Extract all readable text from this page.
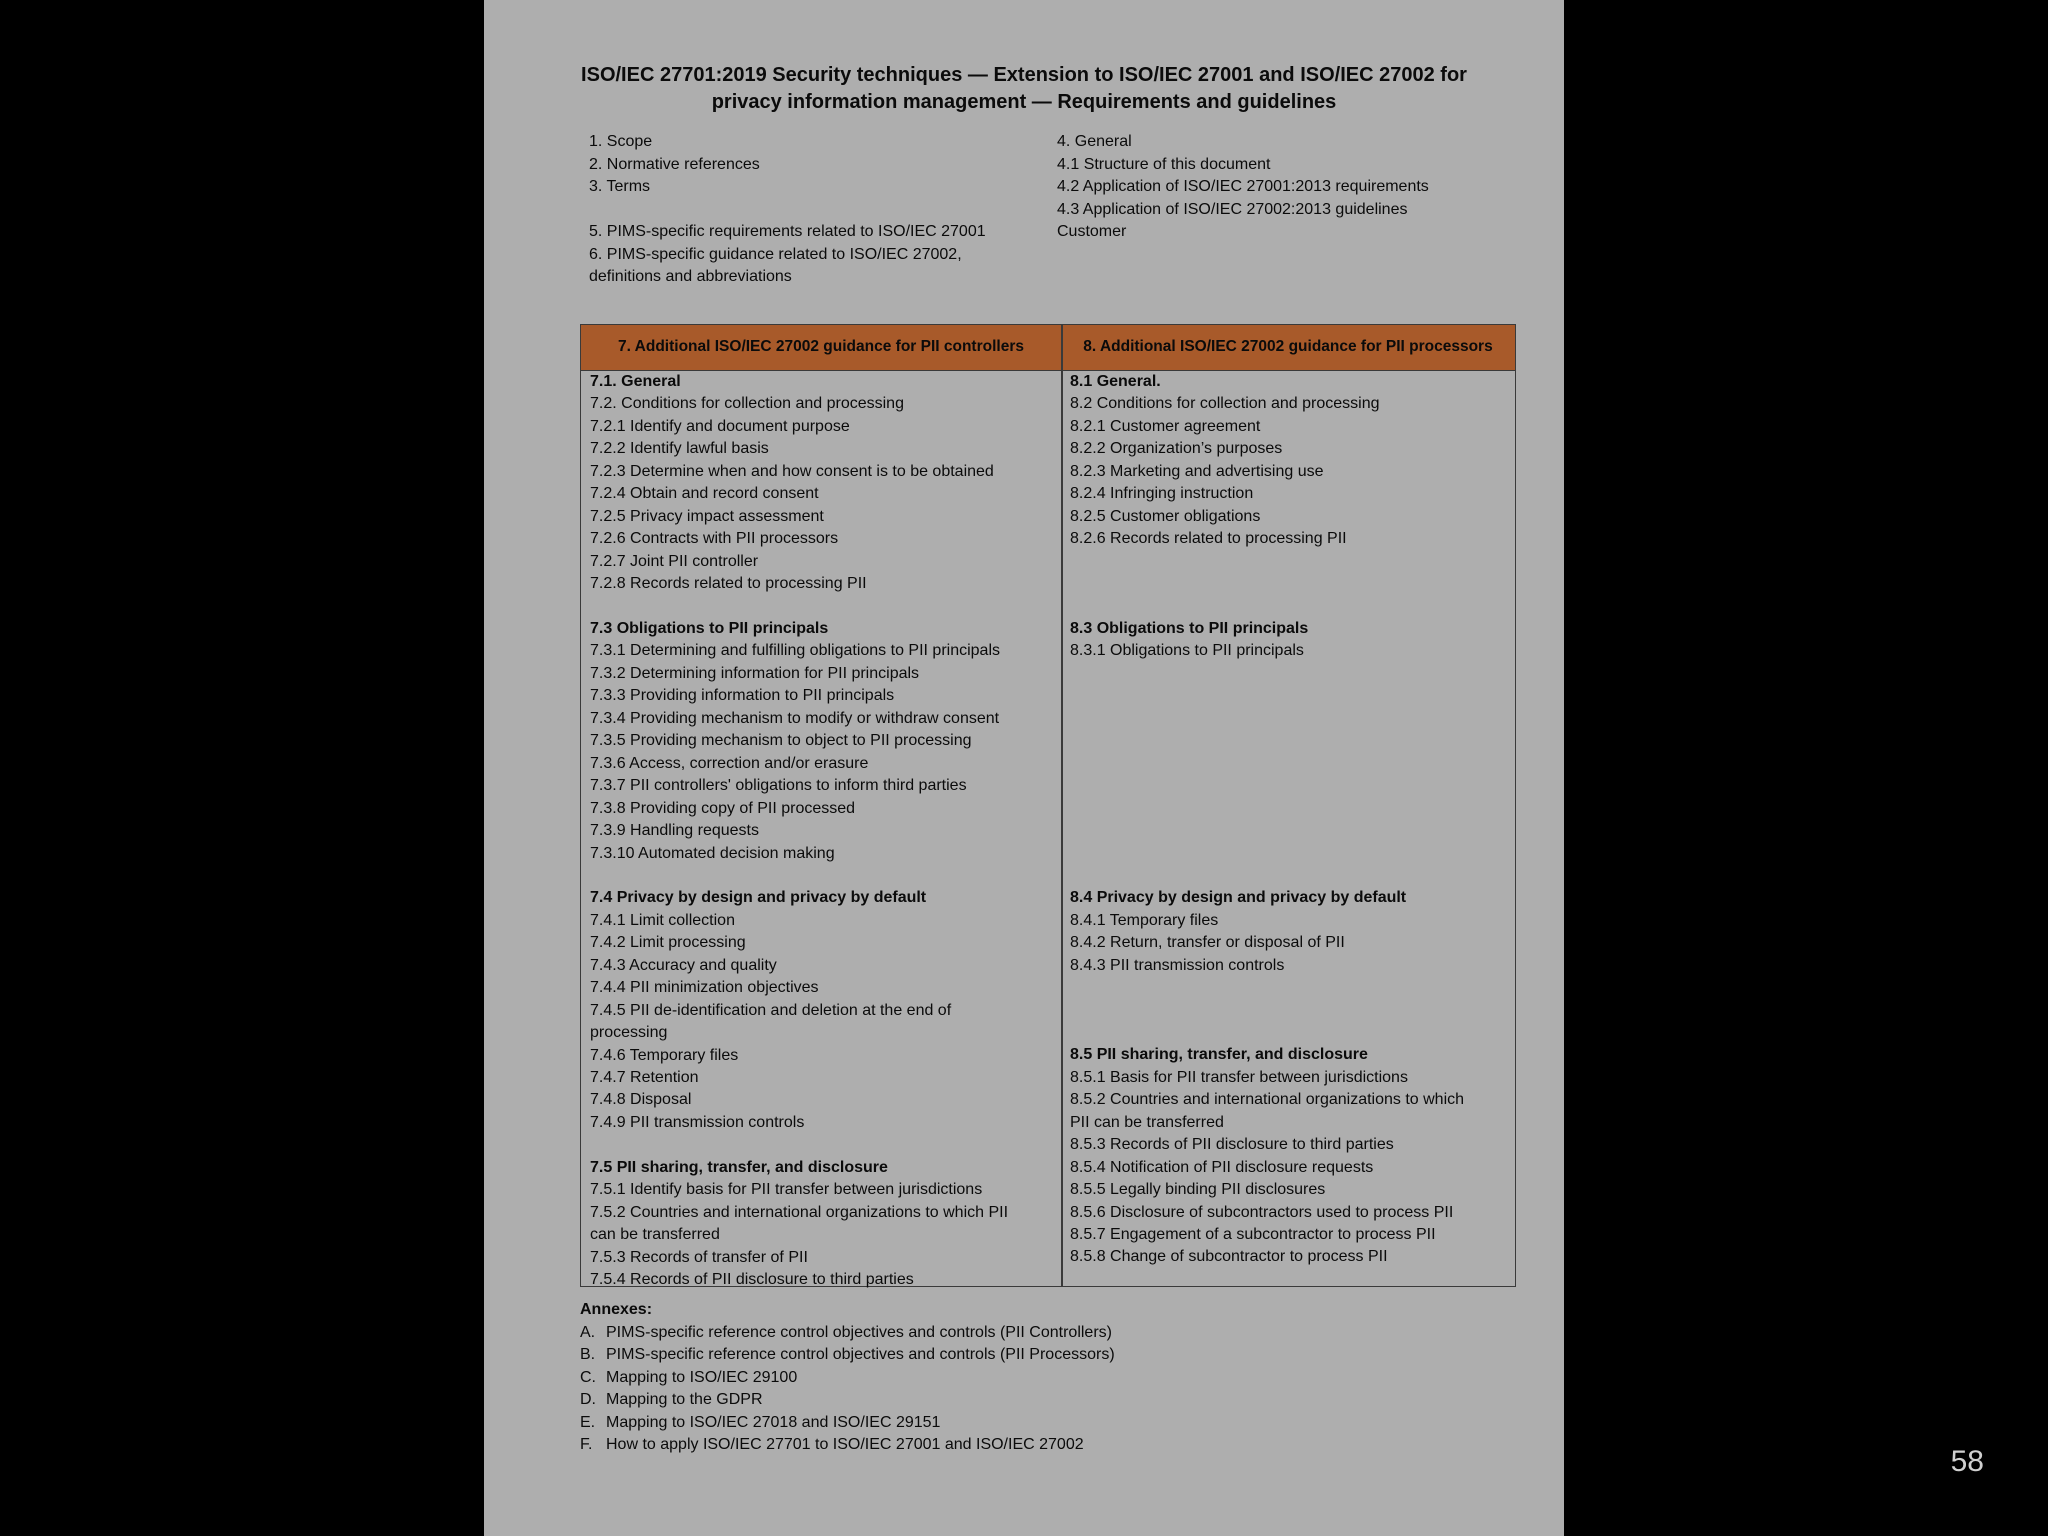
ISO/IEC 27701:2019 Security techniques — Extension to ISO/IEC 27001 and ISO/IEC 27002 for
privacy information management — Requirements and guidelines
1. Scope
2. Normative references
3. Terms
5. PIMS-specific requirements related to ISO/IEC 27001
6. PIMS-specific guidance related to ISO/IEC 27002,
definitions and abbreviations
4. General
4.1 Structure of this document
4.2 Application of ISO/IEC 27001:2013 requirements
4.3 Application of ISO/IEC 27002:2013 guidelines
Customer
7. Additional ISO/IEC 27002 guidance for PII controllers	8. Additional ISO/IEC 27002 guidance for PII processors
7.1. General
7.2. Conditions for collection and processing
7.2.1 Identify and document purpose
7.2.2 Identify lawful basis
7.2.3 Determine when and how consent is to be obtained
7.2.4 Obtain and record consent
7.2.5 Privacy impact assessment
7.2.6 Contracts with PII processors
7.2.7 Joint PII controller
7.2.8 Records related to processing PII
7.3 Obligations to PII principals
7.3.1 Determining and fulfilling obligations to PII principals
7.3.2 Determining information for PII principals
7.3.3 Providing information to PII principals
7.3.4 Providing mechanism to modify or withdraw consent
7.3.5 Providing mechanism to object to PII processing
7.3.6 Access, correction and/or erasure
7.3.7 PII controllers' obligations to inform third parties
7.3.8 Providing copy of PII processed
7.3.9 Handling requests
7.3.10 Automated decision making
7.4 Privacy by design and privacy by default
7.4.1 Limit collection
7.4.2 Limit processing
7.4.3 Accuracy and quality
7.4.4 PII minimization objectives
7.4.5 PII de-identification and deletion at the end of
processing
7.4.6 Temporary files
7.4.7 Retention
7.4.8 Disposal
7.4.9 PII transmission controls
7.5 PII sharing, transfer, and disclosure
7.5.1 Identify basis for PII transfer between jurisdictions
7.5.2 Countries and international organizations to which PII
can be transferred
7.5.3 Records of transfer of PII
7.5.4 Records of PII disclosure to third parties
8.1 General.
8.2 Conditions for collection and processing
8.2.1 Customer agreement
8.2.2 Organization’s purposes
8.2.3 Marketing and advertising use
8.2.4 Infringing instruction
8.2.5 Customer obligations
8.2.6 Records related to processing PII
8.3 Obligations to PII principals
8.3.1 Obligations to PII principals
8.4 Privacy by design and privacy by default
8.4.1 Temporary files
8.4.2 Return, transfer or disposal of PII
8.4.3 PII transmission controls
8.5 PII sharing, transfer, and disclosure
8.5.1 Basis for PII transfer between jurisdictions
8.5.2 Countries and international organizations to which
PII can be transferred
8.5.3 Records of PII disclosure to third parties
8.5.4 Notification of PII disclosure requests
8.5.5 Legally binding PII disclosures
8.5.6 Disclosure of subcontractors used to process PII
8.5.7 Engagement of a subcontractor to process PII
8.5.8 Change of subcontractor to process PII
Annexes:
A. PIMS-specific reference control objectives and controls (PII Controllers)
B. PIMS-specific reference control objectives and controls (PII Processors)
C. Mapping to ISO/IEC 29100
D. Mapping to the GDPR
E. Mapping to ISO/IEC 27018 and ISO/IEC 29151
F. How to apply ISO/IEC 27701 to ISO/IEC 27001 and ISO/IEC 27002
58
